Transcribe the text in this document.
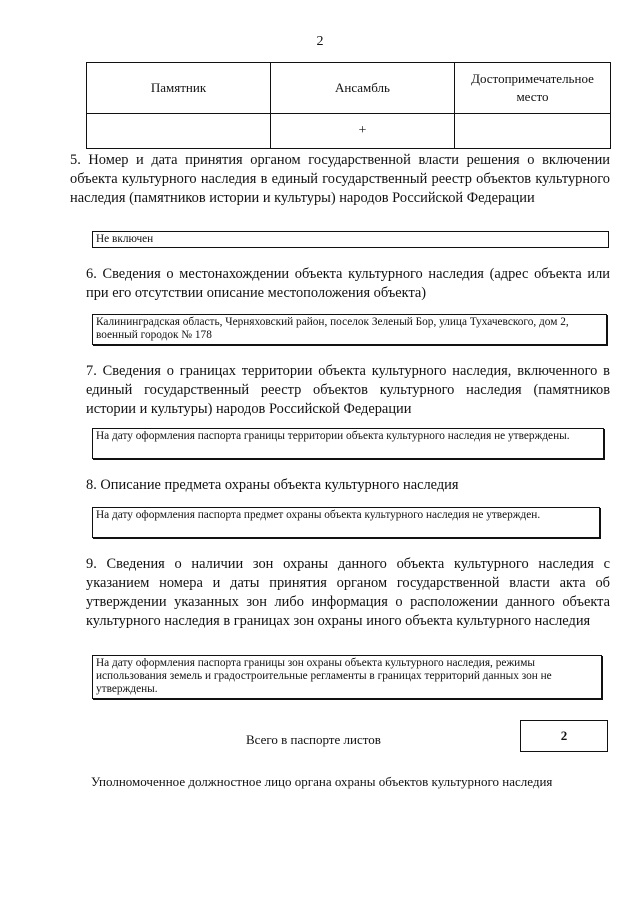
2
Памятник	Ансамбль	Достопримечательное место
	+	
5. Номер и дата принятия органом государственной власти решения о включении объекта культурного наследия в единый государственный реестр объектов культурного наследия (памятников истории и культуры) народов Российской Федерации
Не включен
6. Сведения о местонахождении объекта культурного наследия (адрес объекта или при его отсутствии описание местоположения объекта)
Калининградская область, Черняховский район, поселок Зеленый Бор, улица Тухачевского, дом 2, военный городок № 178
7. Сведения о границах территории объекта культурного наследия, включенного в единый государственный реестр объектов культурного наследия (памятников истории и культуры) народов Российской Федерации
На дату оформления паспорта границы территории объекта культурного наследия не утверждены.
8. Описание предмета охраны объекта культурного наследия
На дату оформления паспорта предмет охраны объекта культурного наследия не утвержден.
9. Сведения о наличии зон охраны данного объекта культурного наследия с указанием номера и даты принятия органом государственной власти акта об утверждении указанных зон либо информация о расположении данного объекта культурного наследия в границах зон охраны иного объекта культурного наследия
На дату оформления паспорта границы зон охраны объекта культурного наследия, режимы использования земель и градостроительные регламенты в границах территорий данных зон не утверждены.
Всего в паспорте листов	2
Уполномоченное должностное лицо органа охраны объектов культурного наследия
